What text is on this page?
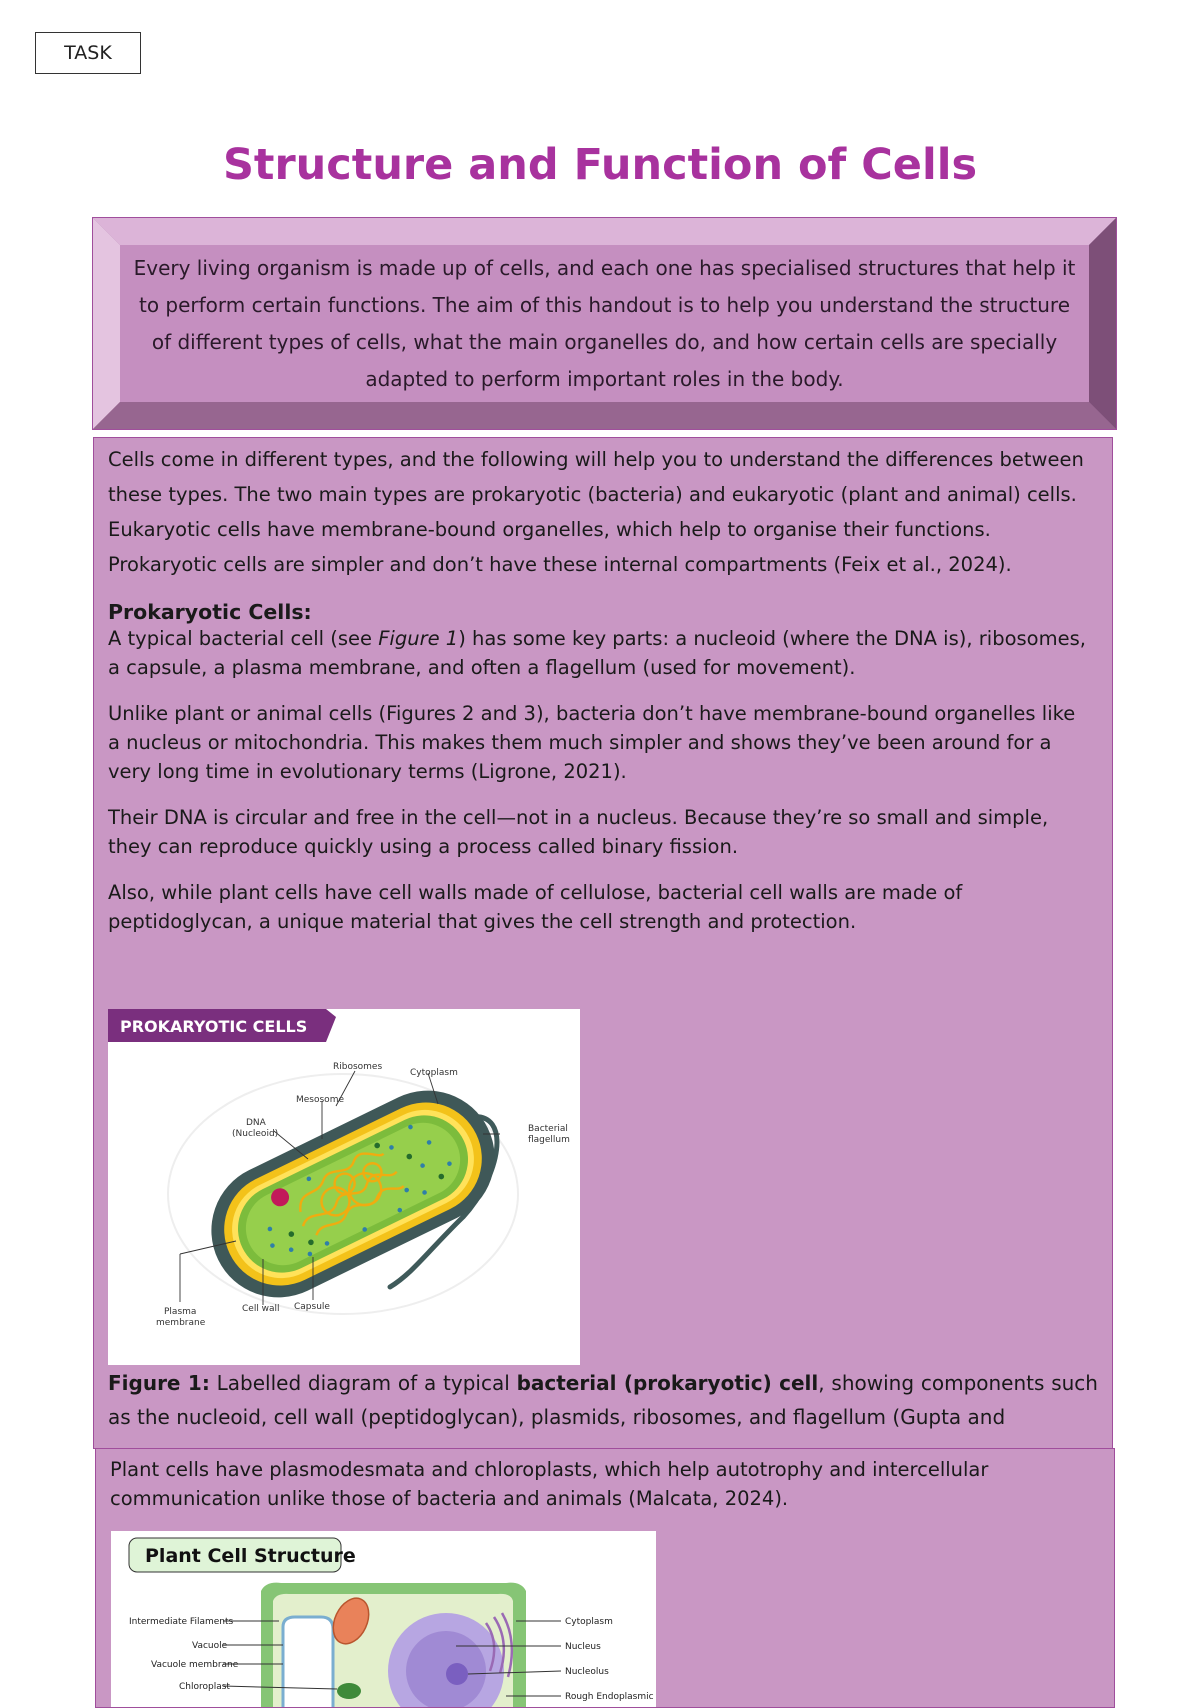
TASK
Structure and Function of Cells
Every living organism is made up of cells, and each one has specialised structures that help it to perform certain functions. The aim of this handout is to help you understand the structure of different types of cells, what the main organelles do, and how certain cells are specially adapted to perform important roles in the body.

Cells come in different types, and the following will help you to understand the differences between these types. The two main types are prokaryotic (bacteria) and eukaryotic (plant and animal) cells. Eukaryotic cells have membrane-bound organelles, which help to organise their functions. Prokaryotic cells are simpler and don’t have these internal compartments (Feix et al., 2024).

Prokaryotic Cells:

A typical bacterial cell (see Figure 1) has some key parts: a nucleoid (where the DNA is), ribosomes, a capsule, a plasma membrane, and often a flagellum (used for movement).

Unlike plant or animal cells (Figures 2 and 3), bacteria don’t have membrane-bound organelles like a nucleus or mitochondria. This makes them much simpler and shows they’ve been around for a very long time in evolutionary terms (Ligrone, 2021).

Their DNA is circular and free in the cell—not in a nucleus. Because they’re so small and simple, they can reproduce quickly using a process called binary fission.

Also, while plant cells have cell walls made of cellulose, bacterial cell walls are made of peptidoglycan, a unique material that gives the cell strength and protection.

PROKARYOTIC CELLS
Ribosomes
Cytoplasm
Mesosome
DNA
(Nucleoid)	Bacterial
flagellum
Plasma
membrane
Cell wall Capsule

Figure 1: Labelled diagram of a typical bacterial (prokaryotic) cell, showing components such as the nucleoid, cell wall (peptidoglycan), plasmids, ribosomes, and flagellum (Gupta and

Plant cells have plasmodesmata and chloroplasts, which help autotrophy and intercellular communication unlike those of bacteria and animals (Malcata, 2024).

Plant Cell Structure
Intermediate Filaments
Vacuole
Vacuole membrane
Chloroplast
Cytoplasm
Nucleus
Nucleolus
Rough Endoplasmic
